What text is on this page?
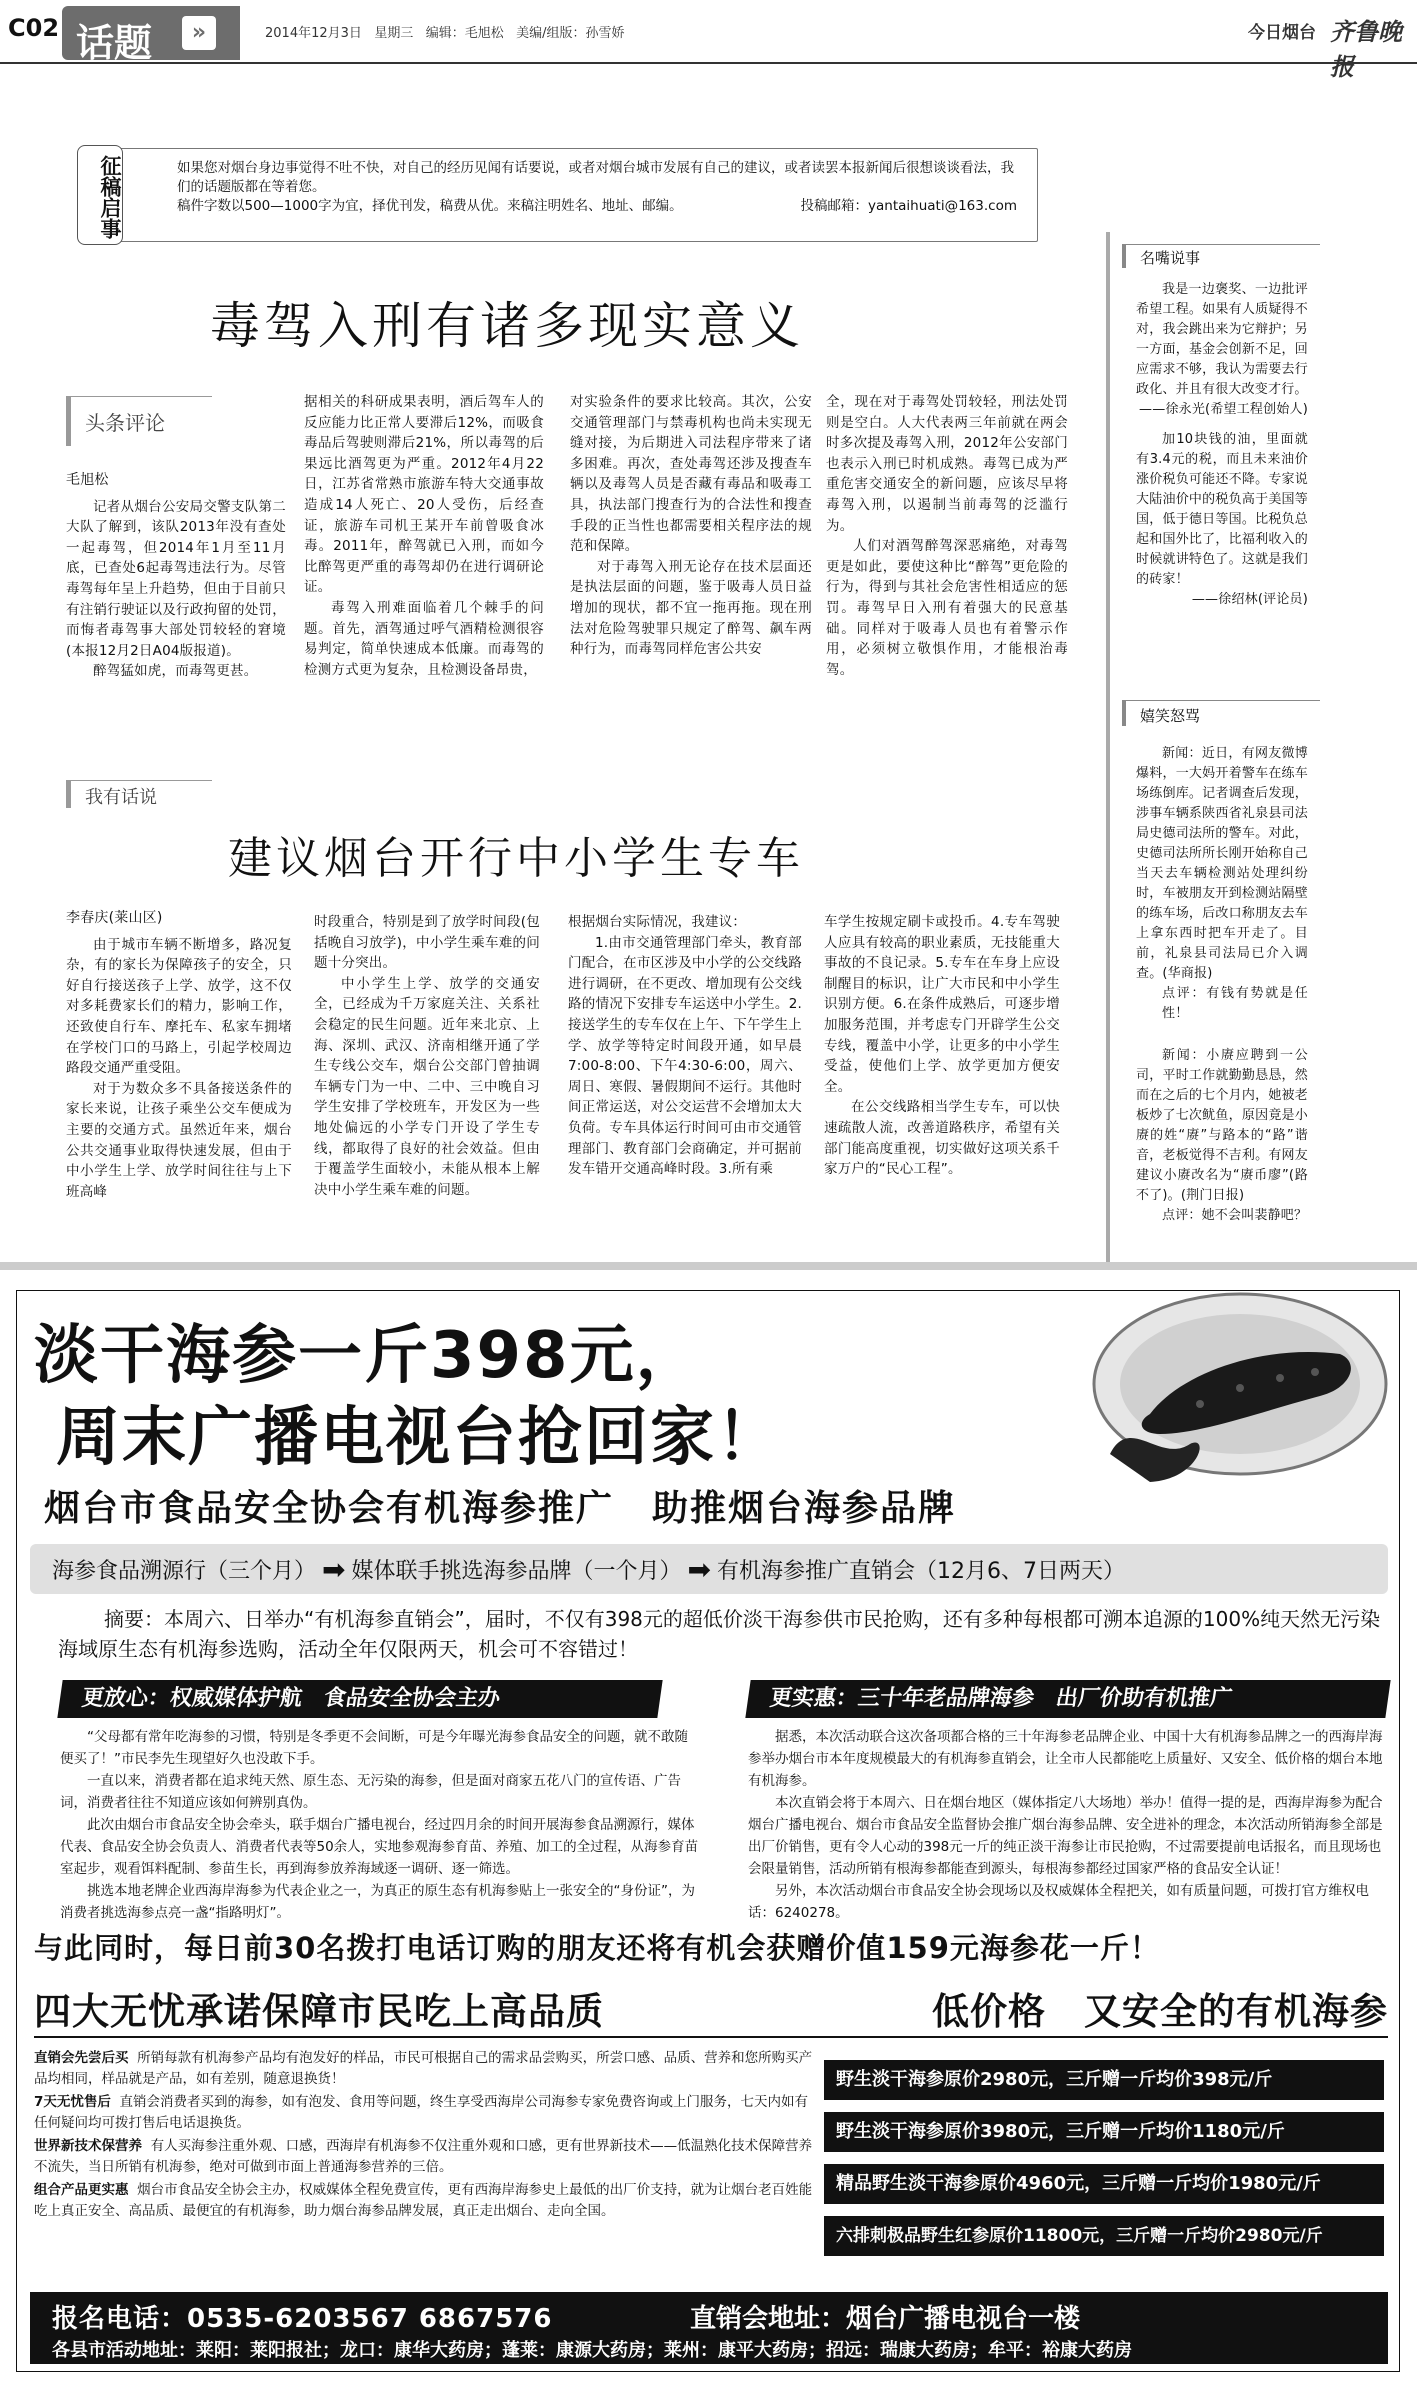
C02 话题	»	2014年12月3日 星期三 编辑：毛旭松 美编/组版：孙雪娇	今日烟台 齐鲁晚报
征稿启事	如果您对烟台身边事觉得不吐不快，对自己的经历见闻有话要说，或者对烟台城市发展有自己的建议，或者读罢本报新闻后很想谈谈看法，我们的话题版都在等着您。
稿件字数以500—1000字为宜，择优刊发，稿费从优。来稿注明姓名、地址、邮编。	投稿邮箱：yantaihuati@163.com
毒驾入刑有诸多现实意义
头条评论
毛旭松

记者从烟台公安局交警支队第二大队了解到，该队2013年没有查处一起毒驾，但2014年1月至11月底，已查处6起毒驾违法行为。尽管毒驾每年呈上升趋势，但由于目前只有注销行驶证以及行政拘留的处罚，而悔者毒驾事大部处罚较轻的窘境(本报12月2日A04版报道)。

醉驾猛如虎，而毒驾更甚。

据相关的科研成果表明，酒后驾车人的反应能力比正常人要滞后12%，而吸食毒品后驾驶则滞后21%，所以毒驾的后果远比酒驾更为严重。2012年4月22日，江苏省常熟市旅游车特大交通事故造成14人死亡、20人受伤，后经查证，旅游车司机王某开车前曾吸食冰毒。2011年，醉驾就已入刑，而如今比醉驾更严重的毒驾却仍在进行调研论证。

毒驾入刑难面临着几个棘手的问题。首先，酒驾通过呼气酒精检测很容易判定，简单快速成本低廉。而毒驾的检测方式更为复杂，且检测设备昂贵，

对实验条件的要求比较高。其次，公安交通管理部门与禁毒机构也尚未实现无缝对接，为后期进入司法程序带来了诸多困难。再次，查处毒驾还涉及搜查车辆以及毒驾人员是否藏有毒品和吸毒工具，执法部门搜查行为的合法性和搜查手段的正当性也都需要相关程序法的规范和保障。

对于毒驾入刑无论存在技术层面还是执法层面的问题，鉴于吸毒人员日益增加的现状，都不宜一拖再拖。现在刑法对危险驾驶罪只规定了醉驾、飙车两种行为，而毒驾同样危害公共安

全，现在对于毒驾处罚较轻，刑法处罚则是空白。人大代表两三年前就在两会时多次提及毒驾入刑，2012年公安部门也表示入刑已时机成熟。毒驾已成为严重危害交通安全的新问题，应该尽早将毒驾入刑，以遏制当前毒驾的泛滥行为。

人们对酒驾醉驾深恶痛绝，对毒驾更是如此，要使这种比“醉驾”更危险的行为，得到与其社会危害性相适应的惩罚。毒驾早日入刑有着强大的民意基础。同样对于吸毒人员也有着警示作用，必须树立敬惧作用，才能根治毒驾。

我有话说
建议烟台开行中小学生专车
李春庆(莱山区)

由于城市车辆不断增多，路况复杂，有的家长为保障孩子的安全，只好自行接送孩子上学、放学，这不仅对多耗费家长们的精力，影响工作，还致使自行车、摩托车、私家车拥堵在学校门口的马路上，引起学校周边路段交通严重受阻。

对于为数众多不具备接送条件的家长来说，让孩子乘坐公交车便成为主要的交通方式。虽然近年来，烟台公共交通事业取得快速发展，但由于中小学生上学、放学时间往往与上下班高峰

时段重合，特别是到了放学时间段(包括晚自习放学)，中小学生乘车难的问题十分突出。

中小学生上学、放学的交通安全，已经成为千万家庭关注、关系社会稳定的民生问题。近年来北京、上海、深圳、武汉、济南相继开通了学生专线公交车，烟台公交部门曾抽调车辆专门为一中、二中、三中晚自习学生安排了学校班车，开发区为一些地处偏远的小学专门开设了学生专线，都取得了良好的社会效益。但由于覆盖学生面较小，未能从根本上解决中小学生乘车难的问题。

根据烟台实际情况，我建议：

1.由市交通管理部门牵头，教育部门配合，在市区涉及中小学的公交线路进行调研，在不更改、增加现有公交线路的情况下安排专车运送中小学生。2.接送学生的专车仅在上午、下午学生上学、放学等特定时间段开通，如早晨7:00-8:00、下午4:30-6:00，周六、周日、寒假、暑假期间不运行。其他时间正常运送，对公交运营不会增加太大负荷。专车具体运行时间可由市交通管理部门、教育部门会商确定，并可据前发车错开交通高峰时段。3.所有乘

车学生按规定刷卡或投币。4.专车驾驶人应具有较高的职业素质，无技能重大事故的不良记录。5.专车在车身上应设制醒目的标识，让广大市民和中小学生识别方便。6.在条件成熟后，可逐步增加服务范围，并考虑专门开辟学生公交专线，覆盖中小学，让更多的中小学生受益，使他们上学、放学更加方便安全。

在公交线路相当学生专车，可以快速疏散人流，改善道路秩序，希望有关部门能高度重视，切实做好这项关系千家万户的“民心工程”。

名嘴说事

我是一边褒奖、一边批评希望工程。如果有人质疑得不对，我会跳出来为它辩护；另一方面，基金会创新不足，回应需求不够，我认为需要去行政化、并且有很大改变才行。

——徐永光(希望工程创始人)

加10块钱的油，里面就有3.4元的税，而且未来油价涨价税负可能还不降。专家说大陆油价中的税负高于美国等国，低于德日等国。比税负总起和国外比了，比福利收入的时候就讲特色了。这就是我们的砖家！

——徐绍林(评论员)
嬉笑怒骂

新闻：近日，有网友微博爆料，一大妈开着警车在练车场练倒库。记者调查后发现，涉事车辆系陕西省礼泉县司法局史德司法所的警车。对此，史德司法所所长刚开始称自己当天去车辆检测站处理纠纷时，车被朋友开到检测站隔壁的练车场，后改口称朋友去车上拿东西时把车开走了。目前，礼泉县司法局已介入调查。(华商报)

点评：有钱有势就是任性！

新闻：小赓应聘到一公司，平时工作就勤勤恳恳，然而在之后的七个月内，她被老板炒了七次鱿鱼，原因竟是小赓的姓“赓”与路本的“路”谐音，老板觉得不吉利。有网友建议小赓改名为“赓币廖”(路不了)。(荆门日报)

点评：她不会叫裴静吧？
淡干海参一斤398元，
周末广播电视台抢回家！
烟台市食品安全协会有机海参推广　助推烟台海参品牌
海参食品溯源行（三个月） ➡ 媒体联手挑选海参品牌（一个月） ➡ 有机海参推广直销会（12月6、7日两天）
摘要：本周六、日举办“有机海参直销会”，届时，不仅有398元的超低价淡干海参供市民抢购，还有多种每根都可溯本追源的100%纯天然无污染海域原生态有机海参选购，活动全年仅限两天，机会可不容错过！
更放心：权威媒体护航　食品安全协会主办

“父母都有常年吃海参的习惯，特别是冬季更不会间断，可是今年曝光海参食品安全的问题，就不敢随便买了！”市民李先生现望好久也没敢下手。

一直以来，消费者都在追求纯天然、原生态、无污染的海参，但是面对商家五花八门的宣传语、广告词，消费者往往不知道应该如何辨别真伪。

此次由烟台市食品安全协会牵头，联手烟台广播电视台，经过四月余的时间开展海参食品溯源行，媒体代表、食品安全协会负责人、消费者代表等50余人，实地参观海参育苗、养殖、加工的全过程，从海参育苗室起步，观看饵料配制、参苗生长，再到海参放养海域逐一调研、逐一筛选。

挑选本地老牌企业西海岸海参为代表企业之一，为真正的原生态有机海参贴上一张安全的“身份证”，为消费者挑选海参点亮一盏“指路明灯”。

更实惠：三十年老品牌海参　出厂价助有机推广

据悉，本次活动联合这次备项都合格的三十年海参老品牌企业、中国十大有机海参品牌之一的西海岸海参举办烟台市本年度规模最大的有机海参直销会，让全市人民都能吃上质量好、又安全、低价格的烟台本地有机海参。

本次直销会将于本周六、日在烟台地区（媒体指定八大场地）举办！值得一提的是，西海岸海参为配合烟台广播电视台、烟台市食品安全监督协会推广烟台海参品牌、安全进补的理念，本次活动所销海参全部是出厂价销售，更有令人心动的398元一斤的纯正淡干海参让市民抢购，不过需要提前电话报名，而且现场也会限量销售，活动所销有根海参都能查到源头，每根海参都经过国家严格的食品安全认证！

另外，本次活动烟台市食品安全协会现场以及权威媒体全程把关，如有质量问题，可拨打官方维权电话：6240278。

与此同时，每日前30名拨打电话订购的朋友还将有机会获赠价值159元海参花一斤！
四大无忧承诺保障市民吃上高品质	低价格　又安全的有机海参
直销会先尝后买 所销每款有机海参产品均有泡发好的样品，市民可根据自己的需求品尝购买，所尝口感、品质、营养和您所购买产品均相同，样品就是产品，如有差别，随意退换货！
7天无忧售后 直销会消费者买到的海参，如有泡发、食用等问题，终生享受西海岸公司海参专家免费咨询或上门服务，七天内如有任何疑问均可拨打售后电话退换货。
世界新技术保营养 有人买海参注重外观、口感，西海岸有机海参不仅注重外观和口感，更有世界新技术——低温熟化技术保障营养不流失，当日所销有机海参，绝对可做到市面上普通海参营养的三倍。
组合产品更实惠 烟台市食品安全协会主办，权威媒体全程免费宣传，更有西海岸海参史上最低的出厂价支持，就为让烟台老百姓能吃上真正安全、高品质、最便宜的有机海参，助力烟台海参品牌发展，真正走出烟台、走向全国。
野生淡干海参原价2980元，三斤赠一斤均价398元/斤
野生淡干海参原价3980元，三斤赠一斤均价1180元/斤
精品野生淡干海参原价4960元，三斤赠一斤均价1980元/斤
六排刺极品野生红参原价11800元，三斤赠一斤均价2980元/斤
报名电话：0535-6203567 6867576	直销会地址：烟台广播电视台一楼
各县市活动地址：莱阳：莱阳报社；龙口：康华大药房；蓬莱：康源大药房；莱州：康平大药房；招远：瑞康大药房；牟平：裕康大药房
